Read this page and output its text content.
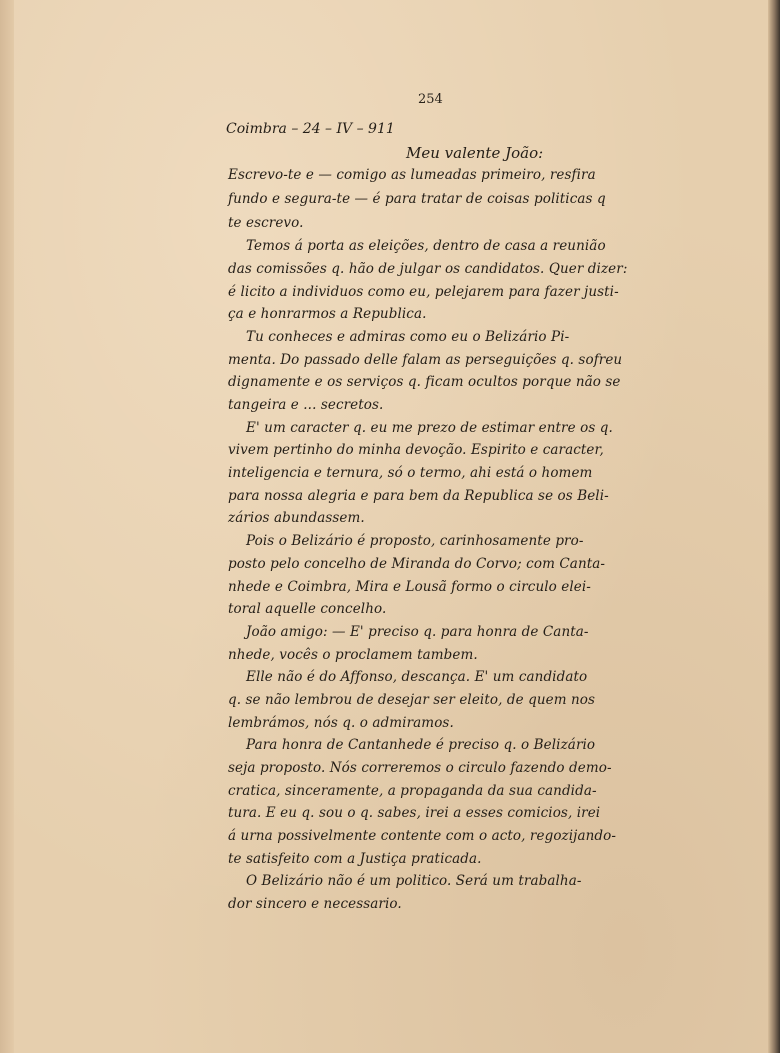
254
Coimbra – 24 – IV – 911
Meu valente João:
Escrevo-te e — comigo as lumeadas primeiro, resfira
fundo e segura-te — é para tratar de coisas politicas q
te escrevo.
Temos á porta as eleições, dentro de casa a reunião
das comissões q. hão de julgar os candidatos. Quer dizer:
é licito a individuos como eu, pelejarem para fazer justi-
ça e honrarmos a Republica.
Tu conheces e admiras como eu o Belizário Pi-
menta. Do passado delle falam as perseguições q. sofreu
dignamente e os serviços q. ficam ocultos porque não se
tangeira e ... secretos.
E' um caracter q. eu me prezo de estimar entre os q.
vivem pertinho do minha devoção. Espirito e caracter,
inteligencia e ternura, só o termo, ahi está o homem
para nossa alegria e para bem da Republica se os Beli-
zários abundassem.
Pois o Belizário é proposto, carinhosamente pro-
posto pelo concelho de Miranda do Corvo; com Canta-
nhede e Coimbra, Mira e Lousã formo o circulo elei-
toral aquelle concelho.
João amigo: — E' preciso q. para honra de Canta-
nhede, vocês o proclamem tambem.
Elle não é do Affonso, descança. E' um candidato
q. se não lembrou de desejar ser eleito, de quem nos
lembrámos, nós q. o admiramos.
Para honra de Cantanhede é preciso q. o Belizário
seja proposto. Nós correremos o circulo fazendo demo-
cratica, sinceramente, a propaganda da sua candida-
tura. E eu q. sou o q. sabes, irei a esses comicios, irei
á urna possivelmente contente com o acto, regozijando-
te satisfeito com a Justiça praticada.
O Belizário não é um politico. Será um trabalha-
dor sincero e necessario.
